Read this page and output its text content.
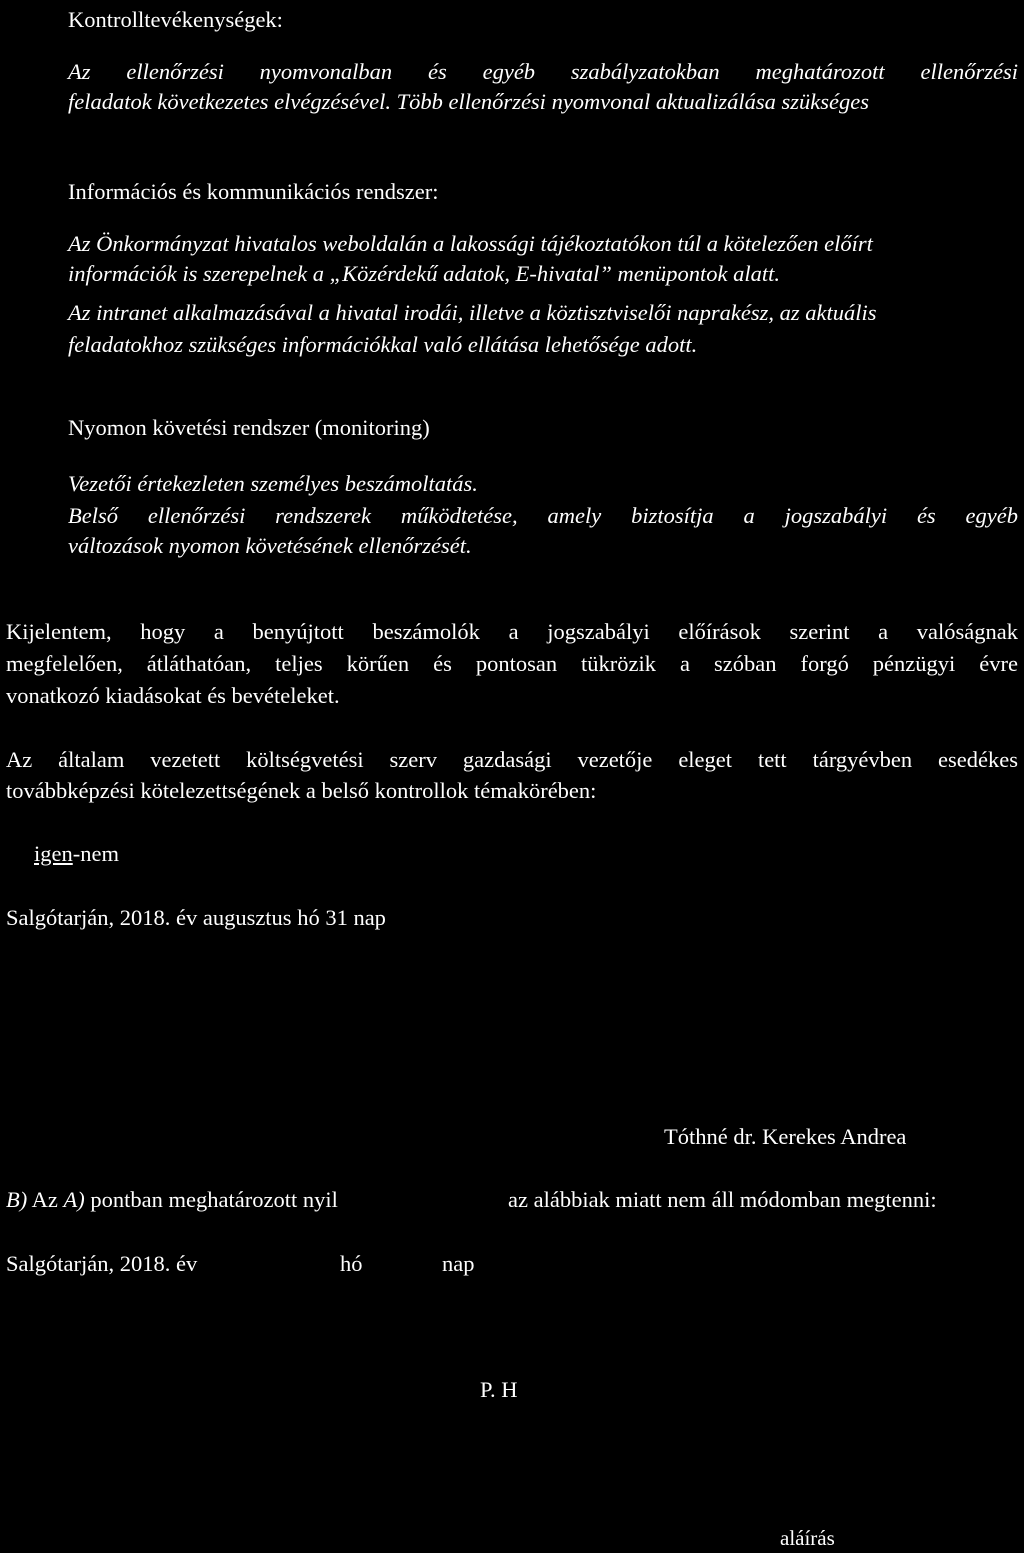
Kontrolltevékenységek:

Az ellenőrzési nyomvonalban és egyéb szabályzatokban meghatározott ellenőrzési

feladatok következetes elvégzésével. Több ellenőrzési nyomvonal aktualizálása szükséges

Információs és kommunikációs rendszer:

Az Önkormányzat hivatalos weboldalán a lakossági tájékoztatókon túl a kötelezően előírt

információk is szerepelnek a „Közérdekű adatok, E-hivatal” menüpontok alatt.

Az intranet alkalmazásával a hivatal irodái, illetve a köztisztviselői naprakész, az aktuális

feladatokhoz szükséges információkkal való ellátása lehetősége adott.

Nyomon követési rendszer (monitoring)

Vezetői értekezleten személyes beszámoltatás.

Belső ellenőrzési rendszerek működtetése, amely biztosítja a jogszabályi és egyéb

változások nyomon követésének ellenőrzését.

Kijelentem, hogy a benyújtott beszámolók a jogszabályi előírások szerint a valóságnak

megfelelően, átláthatóan, teljes körűen és pontosan tükrözik a szóban forgó pénzügyi évre

vonatkozó kiadásokat és bevételeket.

Az általam vezetett költségvetési szerv gazdasági vezetője eleget tett tárgyévben esedékes

továbbképzési kötelezettségének a belső kontrollok témakörében:

igen-nem

Salgótarján, 2018. év augusztus hó 31 nap

Tóthné dr. Kerekes Andrea

B) Az A) pontban meghatározott nyil	az alábbiak miatt nem áll módomban megtenni:

Salgótarján, 2018. év	hó	nap

P. H

aláírás
